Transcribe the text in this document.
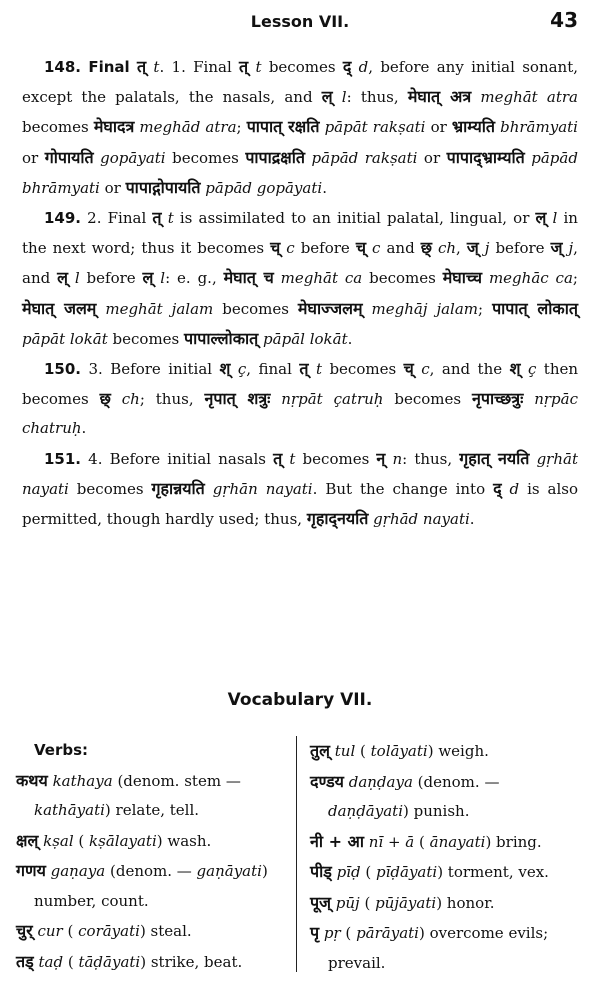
Lesson VII.	43

148. Final त् t. 1. Final त् t becomes द् d, before any initial sonant, except the palatals, the nasals, and ल् l: thus, मेघात् अत्र meghāt atra becomes मेघादत्र meghād atra; पापात् रक्षति pāpāt rakṣati or भ्राम्यति bhrāmyati or गोपायति gopāyati becomes पापाद्रक्षति pāpād rakṣati or पापाद्भ्राम्यति pāpād bhrāmyati or पापाद्गोपायति pāpād gopāyati.

149. 2. Final त् t is assimilated to an initial palatal, lingual, or ल् l in the next word; thus it becomes च् c before च् c and छ् ch, ज् j before ज् j, and ल् l before ल् l: e. g., मेघात् च meghāt ca becomes मेघाच्च meghāc ca; मेघात् जलम् meghāt jalam becomes मेघाज्जलम् meghāj jalam; पापात् लोकात् pāpāt lokāt becomes पापाल्लोकात् pāpāl lokāt.

150. 3. Before initial श् ç, final त् t becomes च् c, and the श् ç then becomes छ् ch; thus, नृपात् शत्रुः nṛpāt çatruḥ becomes नृपाच्छत्रुः nṛpāc chatruḥ.

151. 4. Before initial nasals त् t becomes न् n: thus, गृहात् नयति gṛhāt nayati becomes गृहान्नयति gṛhān nayati. But the change into द् d is also permitted, though hardly used; thus, गृहाद्नयति gṛhād nayati.

Vocabulary VII.
Verbs:
कथय kathaya (denom. stem — kathāyati) relate, tell.
क्षल् kṣal ( kṣālayati) wash.
गणय gaṇaya (denom. — gaṇāyati) number, count.
चुर् cur ( corāyati) steal.
तड् taḍ ( tāḍāyati) strike, beat.
तुल् tul ( tolāyati) weigh.
दण्डय daṇḍaya (denom. — daṇḍāyati) punish.
नी + आ nī + ā ( ānayati) bring.
पीड् pīḍ ( pīḍāyati) torment, vex.
पूज् pūj ( pūjāyati) honor.
पृ pṛ ( pārāyati) overcome evils; prevail.
